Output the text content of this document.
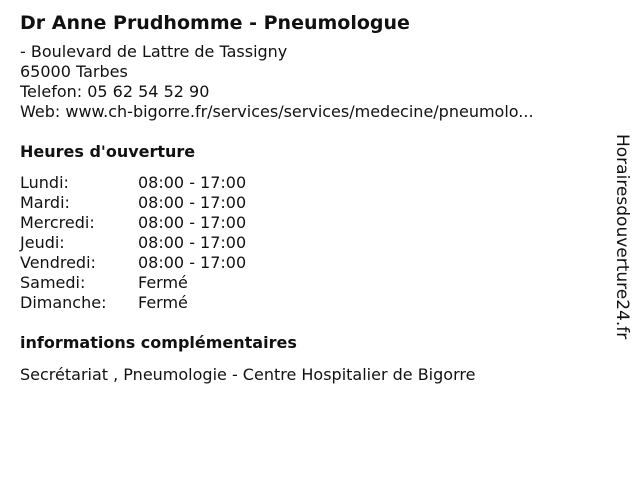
Dr Anne Prudhomme - Pneumologue
- Boulevard de Lattre de Tassigny
65000 Tarbes
Telefon: 05 62 54 52 90
Web: www.ch-bigorre.fr/services/services/medecine/pneumolo...
Heures d'ouverture
Lundi:	08:00 - 17:00
Mardi:	08:00 - 17:00
Mercredi:	08:00 - 17:00
Jeudi:	08:00 - 17:00
Vendredi:	08:00 - 17:00
Samedi:	Fermé
Dimanche:	Fermé
informations complémentaires
Secrétariat , Pneumologie - Centre Hospitalier de Bigorre
Horairesdouverture24.fr
